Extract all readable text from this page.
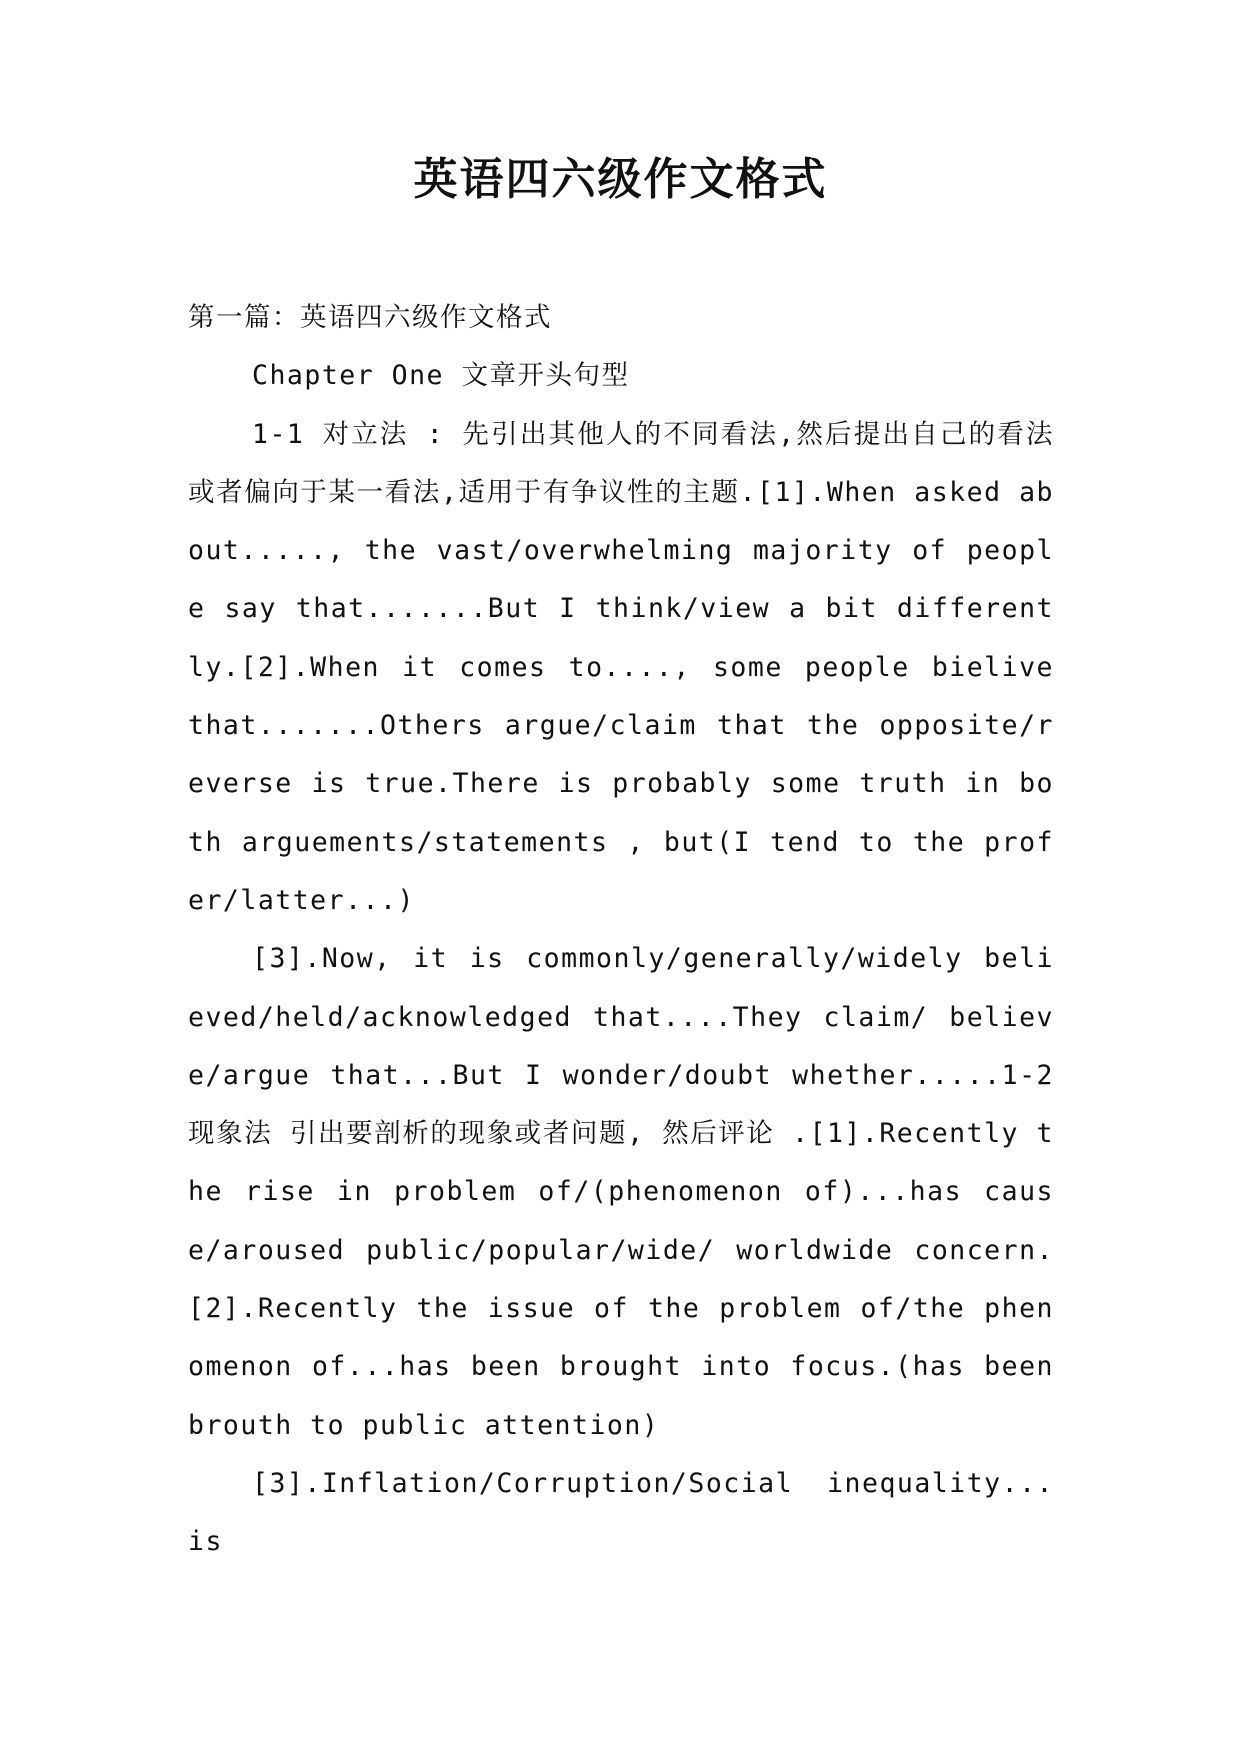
英语四六级作文格式

第一篇：英语四六级作文格式

Chapter One 文章开头句型

1-1 对立法 : 先引出其他人的不同看法,然后提出自己的看法或者偏向于某一看法,适用于有争议性的主题.[1].When asked about....., the vast/overwhelming majority of people say that.......But I think/view a bit differently.[2].When it comes to...., some people bielive that.......Others argue/claim that the opposite/reverse is true.There is probably some truth in both arguements/statements , but(I tend to the profer/latter...)

[3].Now, it is commonly/generally/widely believed/held/acknowledged that....They claim/ believe/argue that...But I wonder/doubt whether.....1-2 现象法 引出要剖析的现象或者问题, 然后评论 .[1].Recently the rise in problem of/(phenomenon of)...has cause/aroused public/popular/wide/ worldwide concern.[2].Recently the issue of the problem of/the phenomenon of...has been brought into focus.(has been brouth to public attention)

[3].Inflation/Corruption/Social inequality...is
